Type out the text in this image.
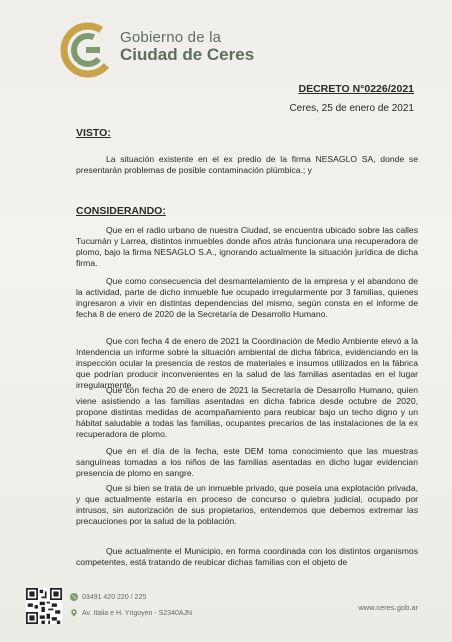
Gobierno de la
Ciudad de Ceres
DECRETO N°0226/2021
Ceres, 25 de enero de 2021
VISTO:

La situación existente en el ex predio de la firma NESAGLO SA, donde se presentarán problemas de posible contaminación plúmbica.; y

CONSIDERANDO:

Que en el radio urbano de nuestra Ciudad, se encuentra ubicado sobre las calles Tucumán y Larrea, distintos inmuebles donde años atrás funcionara una recuperadora de plomo, bajo la firma NESAGLO S.A., ignorando actualmente la situación jurídica de dicha firma.

Que como consecuencia del desmantelamiento de la empresa y el abandono de la actividad, parte de dicho inmueble fue ocupado irregularmente por 3 familias, quienes ingresaron a vivir en distintas dependencias del mismo, según consta en el informe de fecha 8 de enero de 2020 de la Secretaría de Desarrollo Humano.

Que con fecha 4 de enero de 2021 la Coordinación de Medio Ambiente elevó a la Intendencia un informe sobre la situación ambiental de dicha fábrica, evidenciando en la inspección ocular la presencia de restos de materiales e insumos utilizados en la fábrica que podrían producir inconvenientes en la salud de las familias asentadas en el lugar irregularmente.

Que con fecha 20 de enero de 2021 la Secretaría de Desarrollo Humano, quien viene asistiendo a las familias asentadas en dicha fabrica desde octubre de 2020, propone distintas medidas de acompañamiento para reubicar bajo un techo digno y un hábitat saludable a todas las familias, ocupantes precarios de las instalaciones de la ex recuperadora de plomo.

Que en el día de la fecha, este DEM toma conocimiento que las muestras sanguíneas tomadas a los niños de las familias asentadas en dicho lugar evidencian presencia de plomo en sangre.

Que si bien se trata de un inmueble privado, que poseía una explotación privada, y que actualmente estaría en proceso de concurso o quiebra judicial, ocupado por intrusos, sin autorización de sus propietarios, entendemos que debemos extremar las precauciones por la salud de la población.

Que actualmente el Municipio, en forma coordinada con los distintos organismos competentes, está tratando de reubicar dichas familias con el objeto de

03491 420 220 / 225
Av. Italia e H. Yrigoyen - S2340AJN
www.ceres.gob.ar
